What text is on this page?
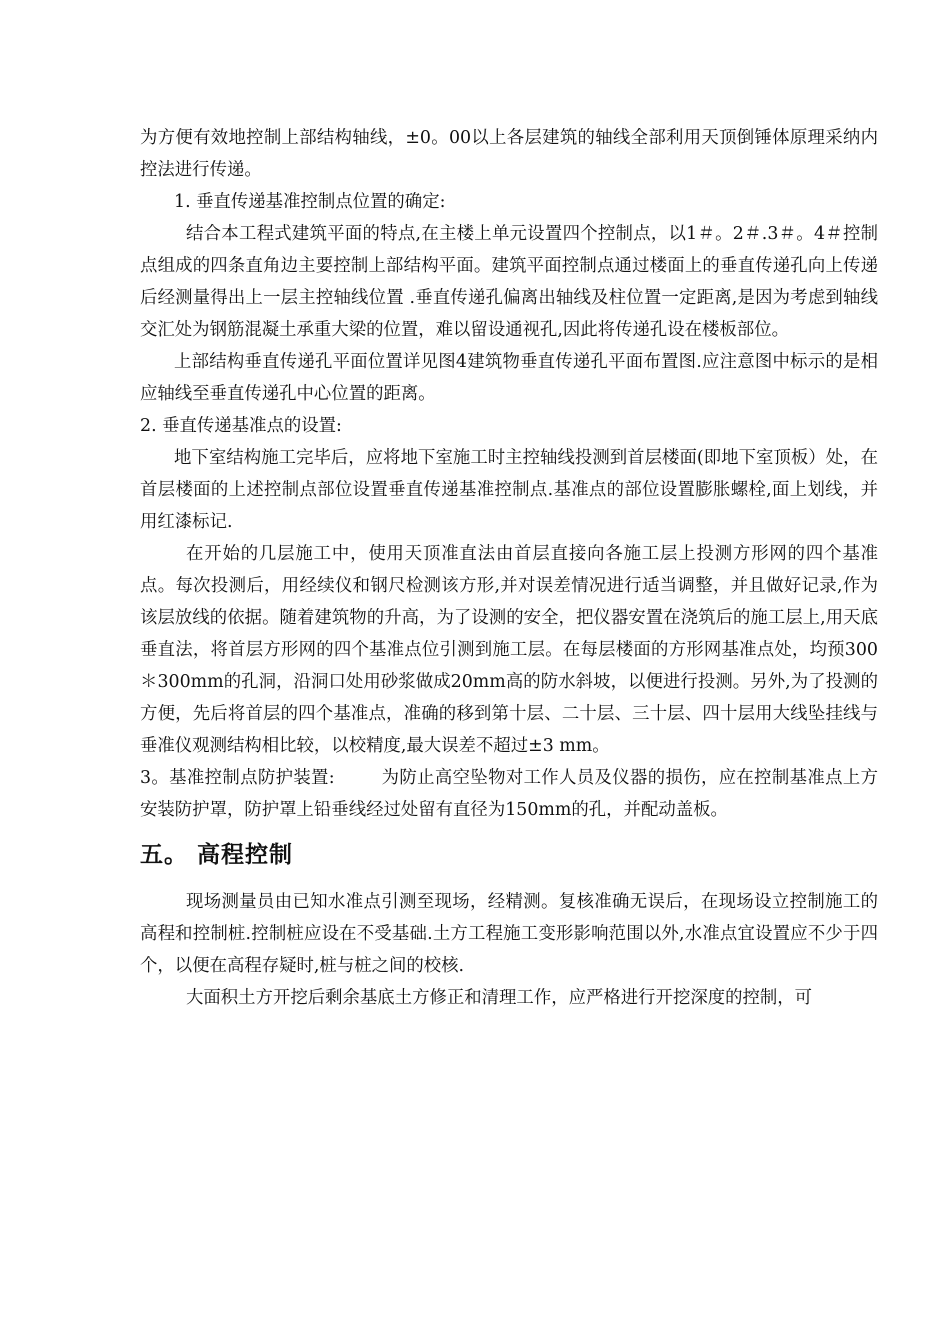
为方便有效地控制上部结构轴线，±0。00以上各层建筑的轴线全部利用天顶倒锤体原理采纳内控法进行传递。

1. 垂直传递基准控制点位置的确定:

结合本工程式建筑平面的特点,在主楼上单元设置四个控制点，以1＃。2＃.3＃。4＃控制点组成的四条直角边主要控制上部结构平面。建筑平面控制点通过楼面上的垂直传递孔向上传递后经测量得出上一层主控轴线位置 .垂直传递孔偏离出轴线及柱位置一定距离,是因为考虑到轴线交汇处为钢筋混凝土承重大梁的位置，难以留设通视孔,因此将传递孔设在楼板部位。

上部结构垂直传递孔平面位置详见图4建筑物垂直传递孔平面布置图.应注意图中标示的是相应轴线至垂直传递孔中心位置的距离。

2. 垂直传递基准点的设置:

地下室结构施工完毕后，应将地下室施工时主控轴线投测到首层楼面(即地下室顶板）处，在首层楼面的上述控制点部位设置垂直传递基准控制点.基准点的部位设置膨胀螺栓,面上划线，并用红漆标记.

在开始的几层施工中，使用天顶准直法由首层直接向各施工层上投测方形网的四个基准点。每次投测后，用经续仪和钢尺检测该方形,并对误差情况进行适当调整，并且做好记录,作为该层放线的依据。随着建筑物的升高，为了设测的安全，把仪器安置在浇筑后的施工层上,用天底垂直法，将首层方形网的四个基准点位引测到施工层。在每层楼面的方形网基准点处，均预300＊300mm的孔洞，沿洞口处用砂浆做成20mm高的防水斜坡，以便进行投测。另外,为了投测的方便，先后将首层的四个基准点，准确的移到第十层、二十层、三十层、四十层用大线坠挂线与垂准仪观测结构相比较，以校精度,最大误差不超过±3 mm。

3。基准控制点防护装置:        为防止高空坠物对工作人员及仪器的损伤，应在控制基准点上方安装防护罩，防护罩上铅垂线经过处留有直径为150mm的孔，并配动盖板。

五。 高程控制

现场测量员由已知水准点引测至现场，经精测。复核准确无误后，在现场设立控制施工的高程和控制桩.控制桩应设在不受基础.土方工程施工变形影响范围以外,水准点宜设置应不少于四个，以便在高程存疑时,桩与桩之间的校核.

大面积土方开挖后剩余基底土方修正和清理工作，应严格进行开挖深度的控制，可
